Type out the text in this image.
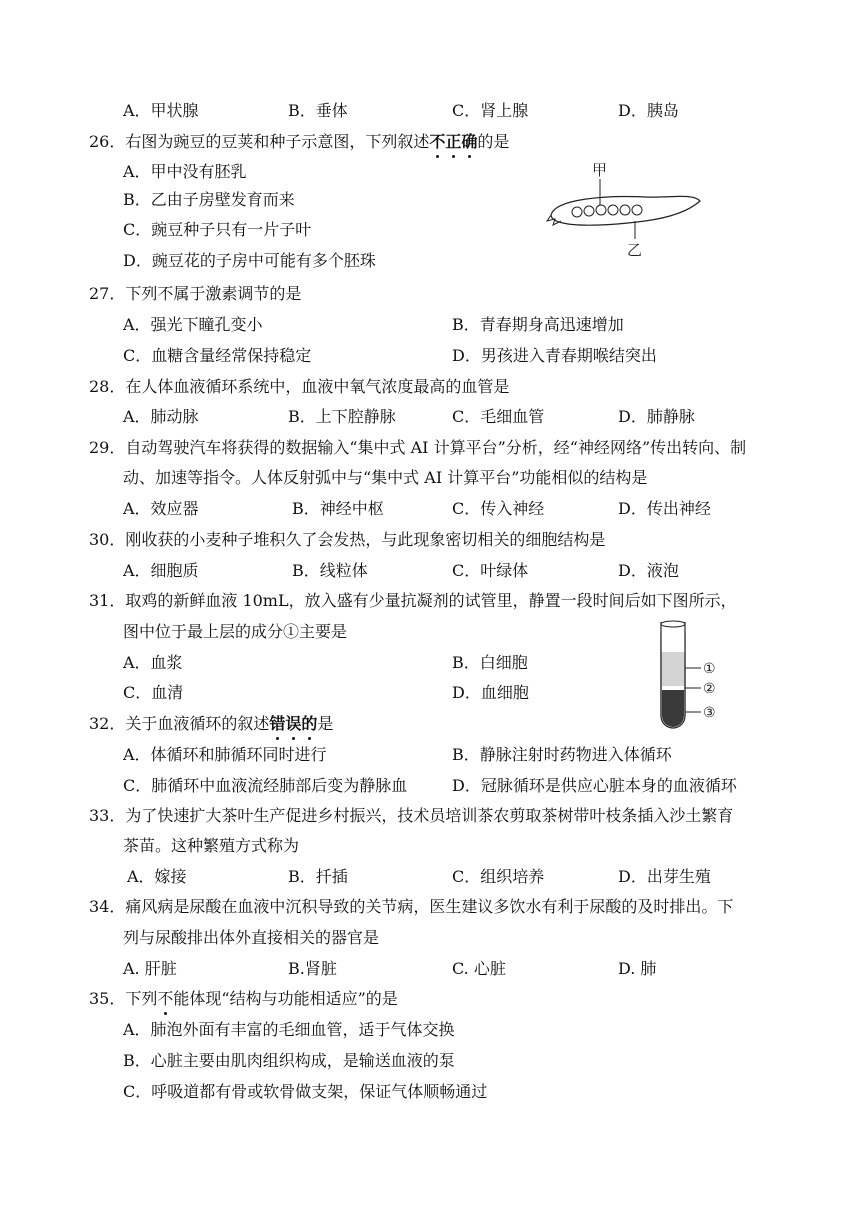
A．甲状腺	B．垂体	C．肾上腺	D．胰岛
26．右图为豌豆的豆荚和种子示意图，下列叙述不正确的是
A．甲中没有胚乳
B．乙由子房壁发育而来
C．豌豆种子只有一片子叶
D．豌豆花的子房中可能有多个胚珠
甲
乙
27．下列不属于激素调节的是
A．强光下瞳孔变小	B．青春期身高迅速增加
C．血糖含量经常保持稳定	D．男孩进入青春期喉结突出
28．在人体血液循环系统中，血液中氧气浓度最高的血管是
A．肺动脉	B．上下腔静脉	C．毛细血管	D．肺静脉
29．自动驾驶汽车将获得的数据输入“集中式 AI 计算平台”分析，经“神经网络”传出转向、制
动、加速等指令。人体反射弧中与“集中式 AI 计算平台”功能相似的结构是
A．效应器	B．神经中枢	C．传入神经	D．传出神经
30．刚收获的小麦种子堆积久了会发热，与此现象密切相关的细胞结构是
A．细胞质	B．线粒体	C．叶绿体	D．液泡
31．取鸡的新鲜血液 10mL，放入盛有少量抗凝剂的试管里，静置一段时间后如下图所示，
图中位于最上层的成分①主要是
A．血浆	B．白细胞
C．血清	D．血细胞
①
②
③
32．关于血液循环的叙述错误的是
A．体循环和肺循环同时进行	B．静脉注射时药物进入体循环
C．肺循环中血液流经肺部后变为静脉血	D．冠脉循环是供应心脏本身的血液循环
33．为了快速扩大茶叶生产促进乡村振兴，技术员培训茶农剪取茶树带叶枝条插入沙土繁育
茶苗。这种繁殖方式称为
A．嫁接	B．扦插	C．组织培养	D．出芽生殖
34．痛风病是尿酸在血液中沉积导致的关节病，医生建议多饮水有利于尿酸的及时排出。下
列与尿酸排出体外直接相关的器官是
A. 肝脏	B.肾脏	C. 心脏	D. 肺
35．下列不能体现“结构与功能相适应”的是
A．肺泡外面有丰富的毛细血管，适于气体交换
B．心脏主要由肌肉组织构成，是输送血液的泵
C．呼吸道都有骨或软骨做支架，保证气体顺畅通过
